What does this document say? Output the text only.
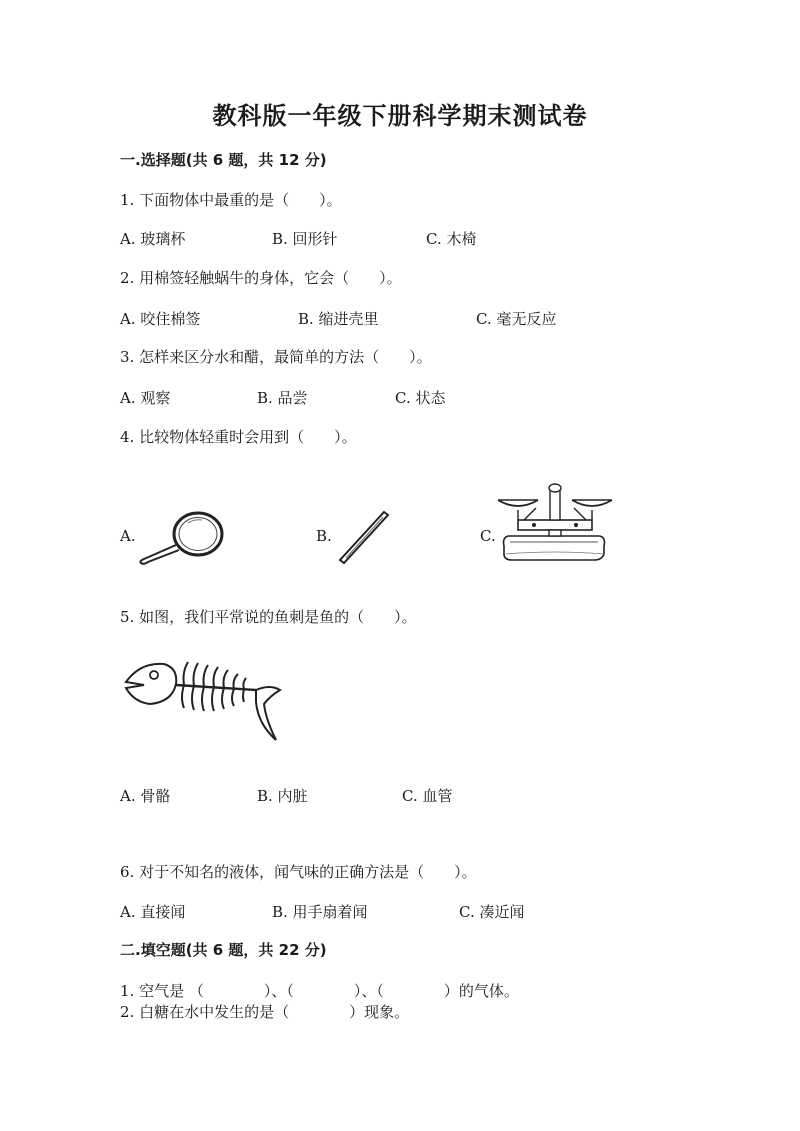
教科版一年级下册科学期末测试卷
一.选择题(共 6 题，共 12 分)
1. 下面物体中最重的是（　　）。
A. 玻璃杯	B. 回形针	C. 木椅
2. 用棉签轻触蜗牛的身体，它会（　　）。
A. 咬住棉签	B. 缩进壳里	C. 毫无反应
3. 怎样来区分水和醋，最简单的方法（　　）。
A. 观察	B. 品尝	C. 状态
4. 比较物体轻重时会用到（　　）。
A.	B.	C.
5. 如图，我们平常说的鱼刺是鱼的（　　）。
A. 骨骼	B. 内脏	C. 血管
6. 对于不知名的液体，闻气味的正确方法是（　　）。
A. 直接闻	B. 用手扇着闻	C. 凑近闻
二.填空题(共 6 题，共 22 分)
1. 空气是 （　　　　）、（　　　　）、（　　　　）的气体。
2. 白糖在水中发生的是（　　　　）现象。
